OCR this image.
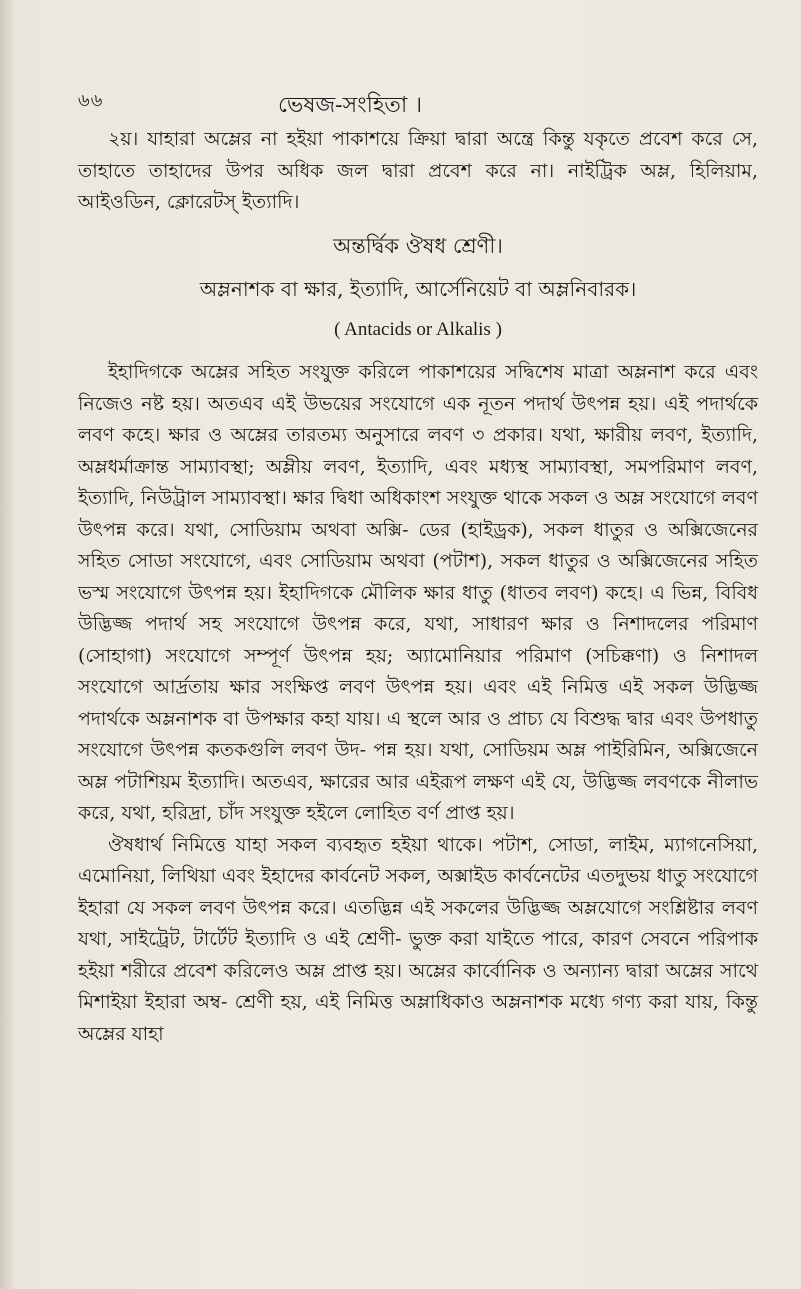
৬৬	ভেষজ-সংহিতা ।

২য়। যাহারা অম্লের না হইয়া পাকাশয়ে ক্রিয়া দ্বারা অন্ত্রে কিন্তু যকৃতে প্রবেশ করে সে, তাহাতে তাহাদের উপর অধিক জল দ্বারা প্রবেশ করে না। নাইট্রিক অম্ল, হিলিয়াম, আইওডিন, ক্লোরেটস্ ইত্যাদি।

অন্তর্দ্বিক ঔষধ শ্রেণী।

অম্লনাশক বা ক্ষার, ইত্যাদি, আর্সেনিয়েট বা অম্লনিবারক।

( Antacids or Alkalis )

ইহাদিগকে অম্লের সহিত সংযুক্ত করিলে পাকাশয়ের সদ্বিশেষ মাত্রা অম্লনাশ করে এবং নিজেও নষ্ট হয়। অতএব এই উভয়ের সংযোগে এক নূতন পদার্থ উৎপন্ন হয়। এই পদার্থকে লবণ কহে। ক্ষার ও অম্লের তারতম্য অনুসারে লবণ ৩ প্রকার। যথা, ক্ষারীয় লবণ, ইত্যাদি, অম্লধর্মাক্রান্ত সাম্যাবস্থা; অম্লীয় লবণ, ইত্যাদি, এবং মধ্যস্থ সাম্যাবস্থা, সমপরিমাণ লবণ, ইত্যাদি, নিউট্রাল সাম্যাবস্থা। ক্ষার দ্বিধা অধিকাংশ সংযুক্ত থাকে সকল ও অম্ল সংযোগে লবণ উৎপন্ন করে। যথা, সোডিয়াম অথবা অক্সি- ডের (হাইড্রক), সকল ধাতুর ও অক্সিজেনের সহিত সোডা সংযোগে, এবং সোডিয়াম অথবা (পটাশ), সকল ধাতুর ও অক্সিজেনের সহিত ভস্ম সংযোগে উৎপন্ন হয়। ইহাদিগকে মৌলিক ক্ষার ধাতু (ধাতব লবণ) কহে। এ ভিন্ন, বিবিধ উদ্ভিজ্জ পদার্থ সহ সংযোগে উৎপন্ন করে, যথা, সাধারণ ক্ষার ও নিশাদলের পরিমাণ (সোহাগা) সংযোগে সম্পূর্ণ উৎপন্ন হয়; অ্যামোনিয়ার পরিমাণ (সচিক্কণা) ও নিশাদল সংযোগে আর্দ্রতায় ক্ষার সংক্ষিপ্ত লবণ উৎপন্ন হয়। এবং এই নিমিত্ত এই সকল উদ্ভিজ্জ পদার্থকে অম্লনাশক বা উপক্ষার কহা যায়। এ স্থলে আর ও প্রাচ্য যে বিশুদ্ধ দ্বার এবং উপধাতু সংযোগে উৎপন্ন কতকগুলি লবণ উদ- পন্ন হয়। যথা, সোডিয়ম অম্ল পাইরিমিন, অক্সিজেনে অম্ল পটাশিয়ম ইত্যাদি। অতএব, ক্ষারের আর এইরূপ লক্ষণ এই যে, উদ্ভিজ্জ লবণকে নীলাভ করে, যথা, হরিদ্রা, চাঁদ সংযুক্ত হইলে লোহিত বর্ণ প্রাপ্ত হয়।

ঔষধার্থ নিমিত্তে যাহা সকল ব্যবহৃত হইয়া থাকে। পটাশ, সোডা, লাইম, ম্যাগনেসিয়া, এমোনিয়া, লিথিয়া এবং ইহাদের কার্বনেট সকল, অক্সাইড কার্বনেটের এতদুভয় ধাতু সংযোগে ইহারা যে সকল লবণ উৎপন্ন করে। এতদ্ভিন্ন এই সকলের উদ্ভিজ্জ অম্লযোগে সংশ্লিষ্টার লবণ যথা, সাইট্রেট, টার্টেট ইত্যাদি ও এই শ্রেণী- ভুক্ত করা যাইতে পারে, কারণ সেবনে পরিপাক হইয়া শরীরে প্রবেশ করিলেও অম্ল প্রাপ্ত হয়। অম্লের কার্বোনিক ও অন্যান্য দ্বারা অম্লের সাথে মিশাইয়া ইহারা অম্ব- শ্রেণী হয়, এই নিমিত্ত অম্লাধিকাও অম্লনাশক মধ্যে গণ্য করা যায়, কিন্তু অম্লের যাহা
